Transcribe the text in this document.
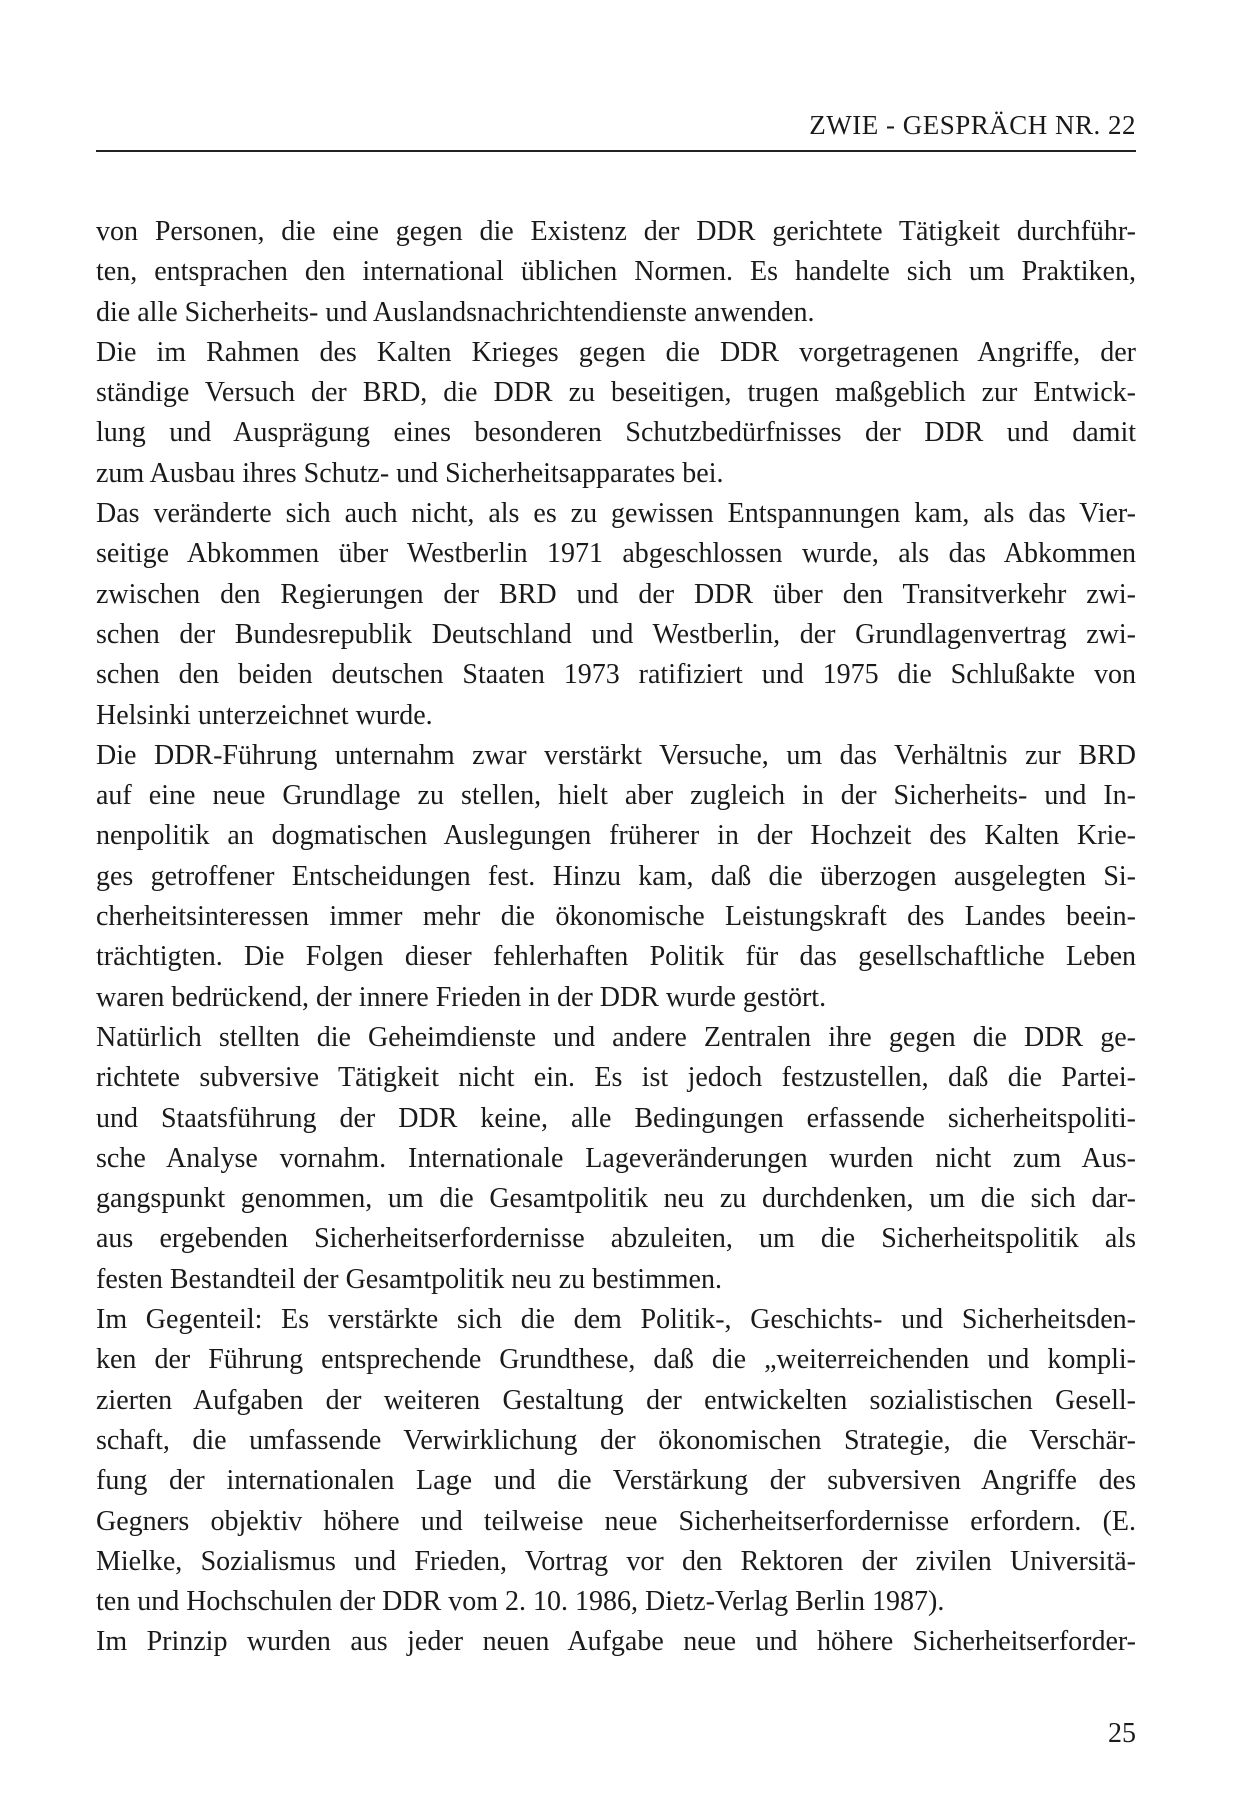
ZWIE - GESPRÄCH NR. 22
von Personen, die eine gegen die Existenz der DDR gerichtete Tätigkeit durchführ-
ten, entsprachen den international üblichen Normen. Es handelte sich um Praktiken,
die alle Sicherheits- und Auslandsnachrichtendienste anwenden.
Die im Rahmen des Kalten Krieges gegen die DDR vorgetragenen Angriffe, der
ständige Versuch der BRD, die DDR zu beseitigen, trugen maßgeblich zur Entwick-
lung und Ausprägung eines besonderen Schutzbedürfnisses der DDR und damit
zum Ausbau ihres Schutz- und Sicherheitsapparates bei.
Das veränderte sich auch nicht, als es zu gewissen Entspannungen kam, als das Vier-
seitige Abkommen über Westberlin 1971 abgeschlossen wurde, als das Abkommen
zwischen den Regierungen der BRD und der DDR über den Transitverkehr zwi-
schen der Bundesrepublik Deutschland und Westberlin, der Grundlagenvertrag zwi-
schen den beiden deutschen Staaten 1973 ratifiziert und 1975 die Schlußakte von
Helsinki unterzeichnet wurde.
Die DDR-Führung unternahm zwar verstärkt Versuche, um das Verhältnis zur BRD
auf eine neue Grundlage zu stellen, hielt aber zugleich in der Sicherheits- und In-
nenpolitik an dogmatischen Auslegungen früherer in der Hochzeit des Kalten Krie-
ges getroffener Entscheidungen fest. Hinzu kam, daß die überzogen ausgelegten Si-
cherheitsinteressen immer mehr die ökonomische Leistungskraft des Landes beein-
trächtigten. Die Folgen dieser fehlerhaften Politik für das gesellschaftliche Leben
waren bedrückend, der innere Frieden in der DDR wurde gestört.
Natürlich stellten die Geheimdienste und andere Zentralen ihre gegen die DDR ge-
richtete subversive Tätigkeit nicht ein. Es ist jedoch festzustellen, daß die Partei-
und Staatsführung der DDR keine, alle Bedingungen erfassende sicherheitspoliti-
sche Analyse vornahm. Internationale Lageveränderungen wurden nicht zum Aus-
gangspunkt genommen, um die Gesamtpolitik neu zu durchdenken, um die sich dar-
aus ergebenden Sicherheitserfordernisse abzuleiten, um die Sicherheitspolitik als
festen Bestandteil der Gesamtpolitik neu zu bestimmen.
Im Gegenteil: Es verstärkte sich die dem Politik-, Geschichts- und Sicherheitsden-
ken der Führung entsprechende Grundthese, daß die „weiterreichenden und kompli-
zierten Aufgaben der weiteren Gestaltung der entwickelten sozialistischen Gesell-
schaft, die umfassende Verwirklichung der ökonomischen Strategie, die Verschär-
fung der internationalen Lage und die Verstärkung der subversiven Angriffe des
Gegners objektiv höhere und teilweise neue Sicherheitserfordernisse erfordern. (E.
Mielke, Sozialismus und Frieden, Vortrag vor den Rektoren der zivilen Universitä-
ten und Hochschulen der DDR vom 2. 10. 1986, Dietz-Verlag Berlin 1987).
Im Prinzip wurden aus jeder neuen Aufgabe neue und höhere Sicherheitserforder-
25
